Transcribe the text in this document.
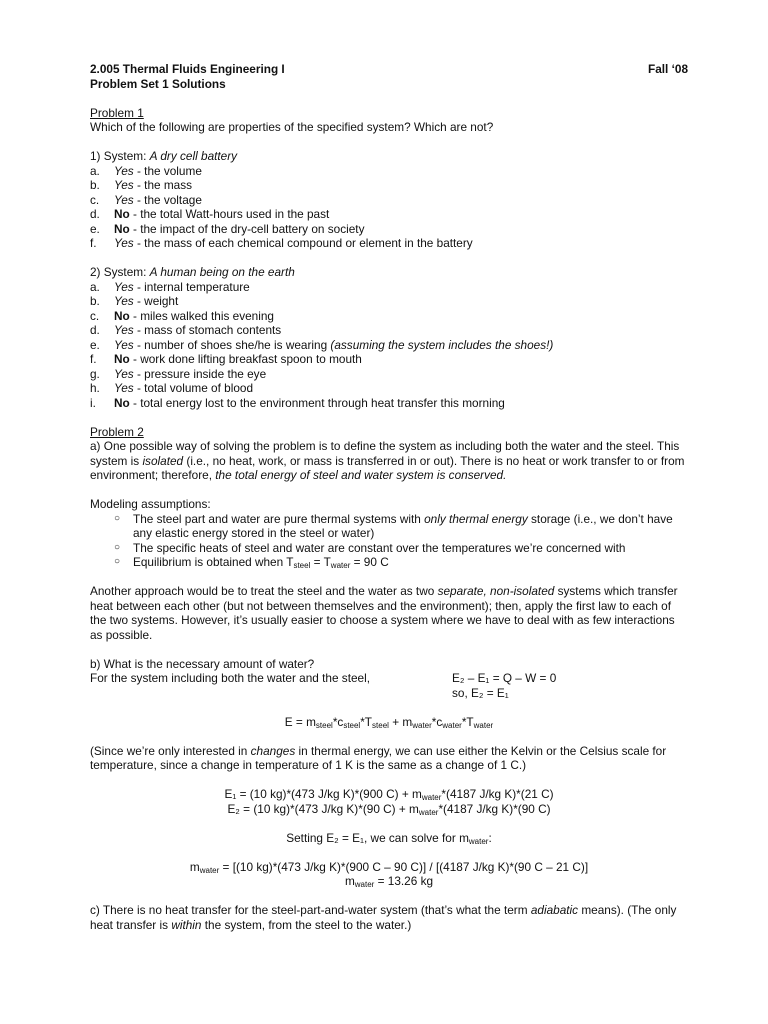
2.005 Thermal Fluids Engineering I	Fall ‘08
Problem Set 1 Solutions
Problem 1
Which of the following are properties of the specified system? Which are not?
1) System: A dry cell battery
a.	Yes - the volume
b.	Yes - the mass
c.	Yes - the voltage
d.	No - the total Watt-hours used in the past
e.	No - the impact of the dry-cell battery on society
f.	Yes - the mass of each chemical compound or element in the battery
2) System: A human being on the earth
a.	Yes - internal temperature
b.	Yes - weight
c.	No - miles walked this evening
d.	Yes - mass of stomach contents
e.	Yes - number of shoes she/he is wearing (assuming the system includes the shoes!)
f.	No - work done lifting breakfast spoon to mouth
g.	Yes - pressure inside the eye
h.	Yes - total volume of blood
i.	No - total energy lost to the environment through heat transfer this morning
Problem 2
a) One possible way of solving the problem is to define the system as including both the water and the steel. This system is isolated (i.e., no heat, work, or mass is transferred in or out). There is no heat or work transfer to or from environment; therefore, the total energy of steel and water system is conserved.
Modeling assumptions:
○	The steel part and water are pure thermal systems with only thermal energy storage (i.e., we don’t have any elastic energy stored in the steel or water)
○	The specific heats of steel and water are constant over the temperatures we’re concerned with
○	Equilibrium is obtained when $T_{steel} = T_{water} = 90$ C
Another approach would be to treat the steel and the water as two separate, non-isolated systems which transfer heat between each other (but not between themselves and the environment); then, apply the first law to each of the two systems. However, it’s usually easier to choose a system where we have to deal with as few interactions as possible.
b) What is the necessary amount of water?
For the system including both the water and the steel,	E₂ – E₁ = Q – W = 0
so, E₂ = E₁
$E = m_{steel}*c_{steel}*T_{steel} + m_{water}*c_{water}*T_{water}$
(Since we’re only interested in changes in thermal energy, we can use either the Kelvin or the Celsius scale for temperature, since a change in temperature of 1 K is the same as a change of 1 C.)
E₁ = (10 kg)*(473 J/kg K)*(900 $C) + m_{water}*(4187$ J/kg K)*(21 C)
E₂ = (10 kg)*(473 J/kg K)*(90 $C) + m_{water}*(4187$ J/kg K)*(90 C)
Setting E₂ = E₁, we can solve for $m_{water}$:
$m_{water} = [(10$ kg)*(473 J/kg K)*(900 C – 90 C)] / [(4187 J/kg K)*(90 C – 21 C)]
$m_{water} = 13.26$ kg
c) There is no heat transfer for the steel-part-and-water system (that’s what the term adiabatic means). (The only heat transfer is within the system, from the steel to the water.)
